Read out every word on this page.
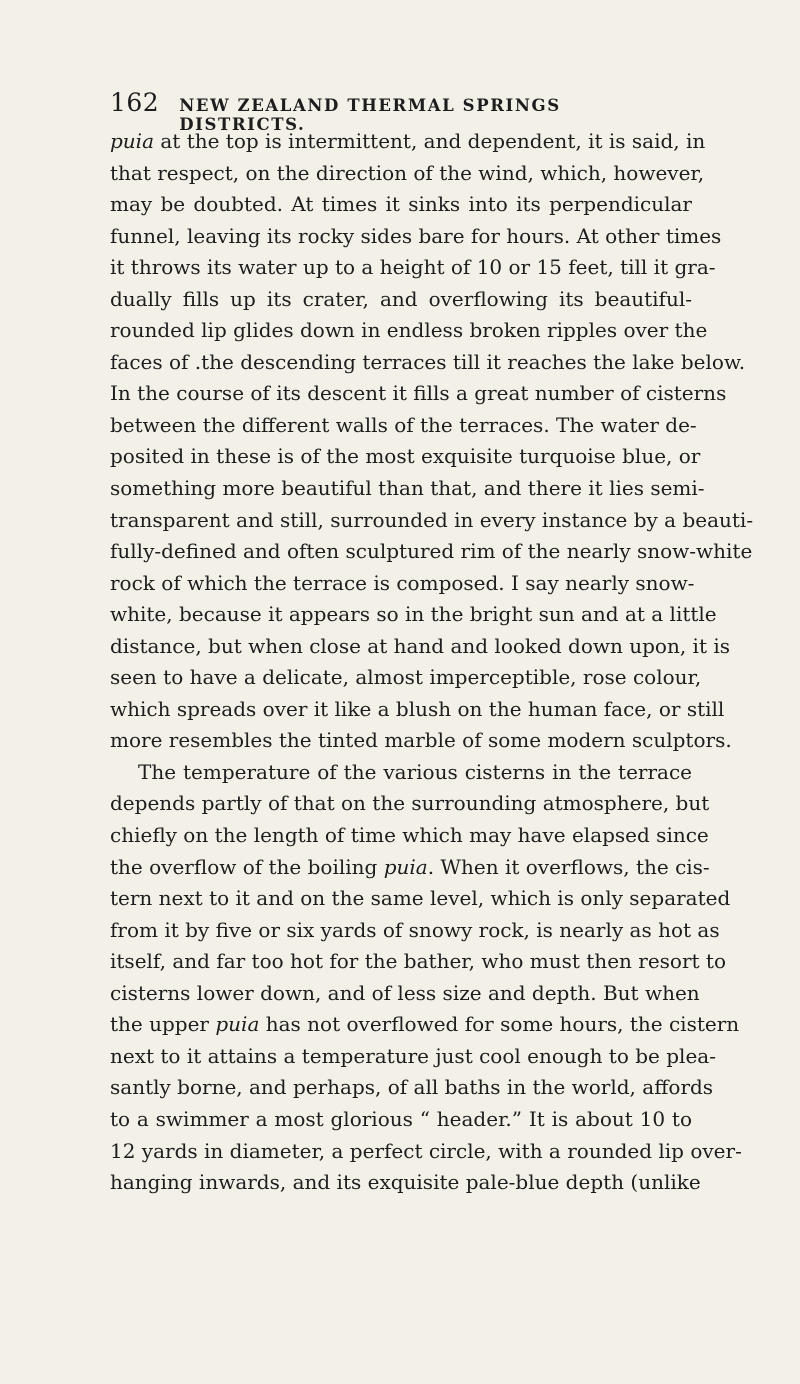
162 NEW ZEALAND THERMAL SPRINGS DISTRICTS.
puia at the top is intermittent, and dependent, it is said, in
that respect, on the direction of the wind, which, however,
may be doubted. At times it sinks into its perpendicular
funnel, leaving its rocky sides bare for hours. At other times
it throws its water up to a height of 10 or 15 feet, till it gra-
dually fills up its crater, and overflowing its beautiful-
rounded lip glides down in endless broken ripples over the
faces of .the descending terraces till it reaches the lake below.
In the course of its descent it fills a great number of cisterns
between the different walls of the terraces. The water de-
posited in these is of the most exquisite turquoise blue, or
something more beautiful than that, and there it lies semi-
transparent and still, surrounded in every instance by a beauti-
fully-defined and often sculptured rim of the nearly snow-white
rock of which the terrace is composed. I say nearly snow-
white, because it appears so in the bright sun and at a little
distance, but when close at hand and looked down upon, it is
seen to have a delicate, almost imperceptible, rose colour,
which spreads over it like a blush on the human face, or still
more resembles the tinted marble of some modern sculptors.
The temperature of the various cisterns in the terrace
depends partly of that on the surrounding atmosphere, but
chiefly on the length of time which may have elapsed since
the overflow of the boiling puia. When it overflows, the cis-
tern next to it and on the same level, which is only separated
from it by five or six yards of snowy rock, is nearly as hot as
itself, and far too hot for the bather, who must then resort to
cisterns lower down, and of less size and depth. But when
the upper puia has not overflowed for some hours, the cistern
next to it attains a temperature just cool enough to be plea-
santly borne, and perhaps, of all baths in the world, affords
to a swimmer a most glorious “ header.” It is about 10 to
12 yards in diameter, a perfect circle, with a rounded lip over-
hanging inwards, and its exquisite pale-blue depth (unlike
